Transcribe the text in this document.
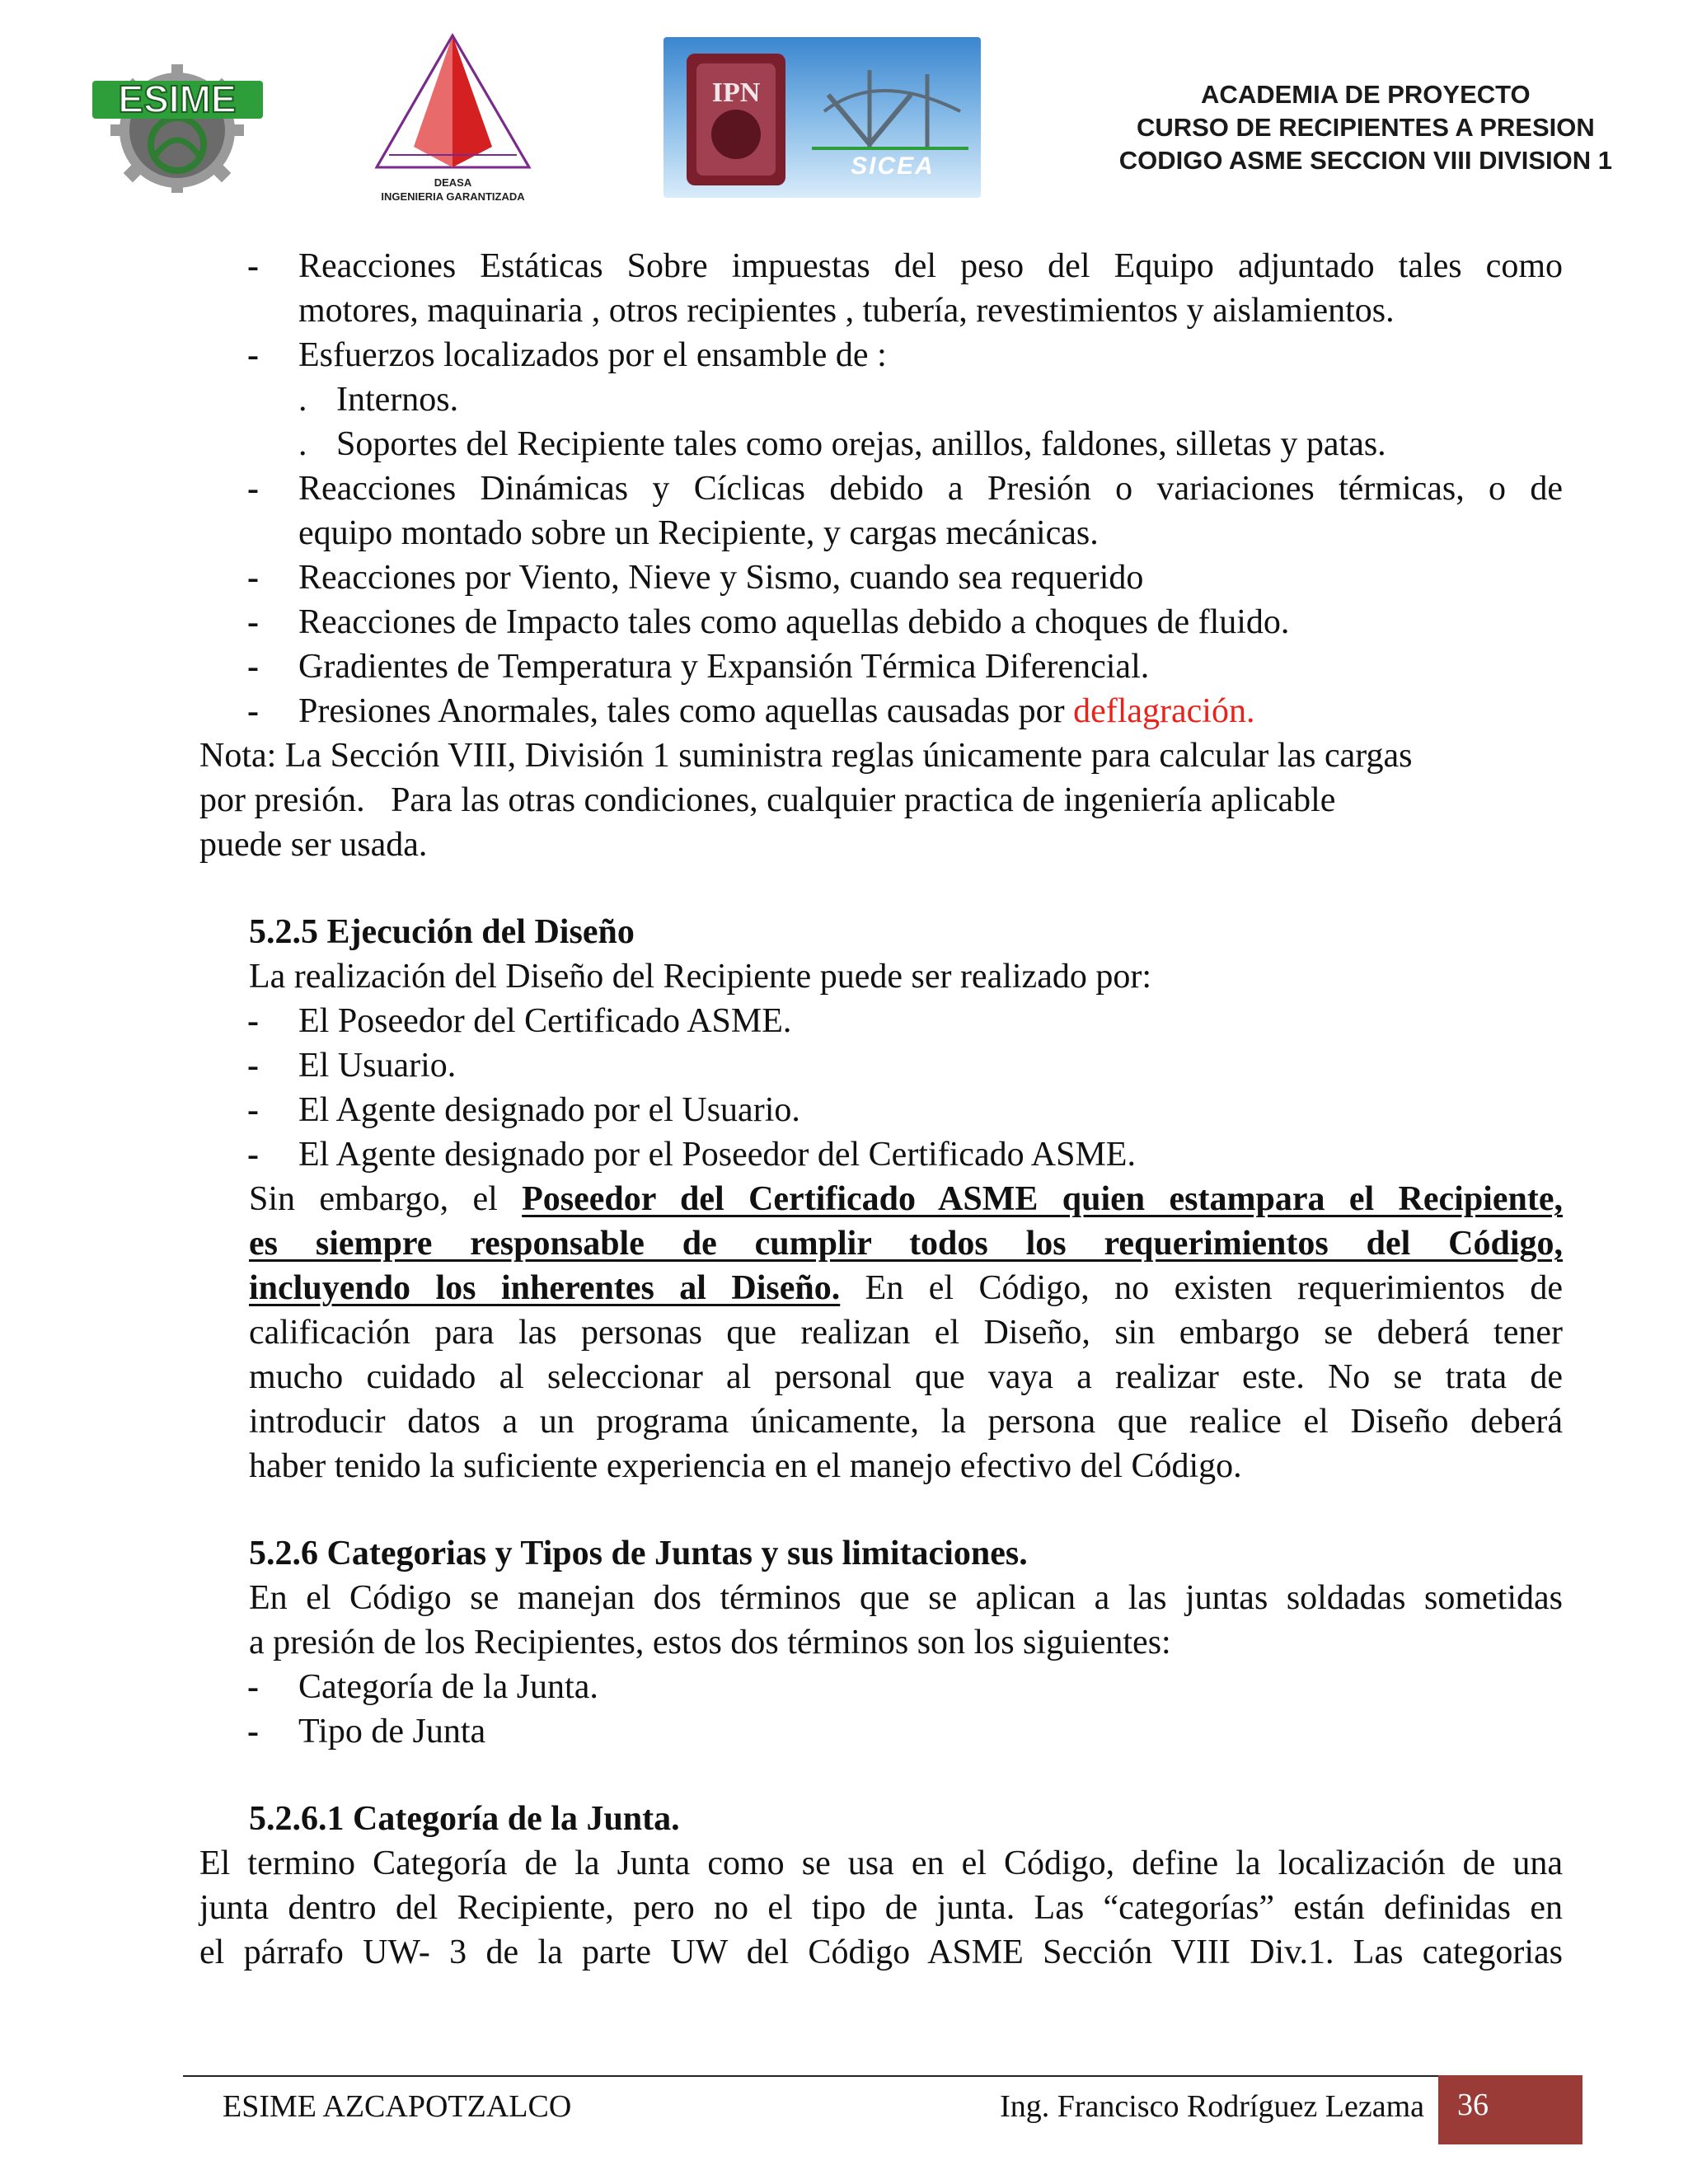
ESIME
DEASA
INGENIERIA GARANTIZADA
IPN
SICEA
ACADEMIA DE PROYECTO
CURSO DE RECIPIENTES A PRESION
CODIGO ASME SECCION VIII DIVISION 1
- Reacciones Estáticas Sobre impuestas del peso del Equipo adjuntado tales como
motores, maquinaria , otros recipientes , tubería, revestimientos y aislamientos.
- Esfuerzos localizados por el ensamble de :
. Internos.
. Soportes del Recipiente tales como orejas, anillos, faldones, silletas y patas.
- Reacciones Dinámicas y Cíclicas debido a Presión o variaciones térmicas, o de
equipo montado sobre un Recipiente, y cargas mecánicas.
- Reacciones por Viento, Nieve y Sismo, cuando sea requerido
- Reacciones de Impacto tales como aquellas debido a choques de fluido.
- Gradientes de Temperatura y Expansión Térmica Diferencial.
- Presiones Anormales, tales como aquellas causadas por deflagración.
Nota: La Sección VIII, División 1 suministra reglas únicamente para calcular las cargas
por presión.   Para las otras condiciones, cualquier practica de ingeniería aplicable
puede ser usada.
5.2.5 Ejecución del Diseño
La realización del Diseño del Recipiente puede ser realizado por:
- El Poseedor del Certificado ASME.
- El Usuario.
- El Agente designado por el Usuario.
- El Agente designado por el Poseedor del Certificado ASME.
Sin embargo, el Poseedor del Certificado ASME quien estampara el Recipiente,
es siempre responsable de cumplir todos los requerimientos del Código,
incluyendo los inherentes al Diseño. En el Código, no existen requerimientos de
calificación para las personas que realizan el Diseño, sin embargo se deberá tener
mucho cuidado al seleccionar al personal que vaya a realizar este. No se trata de
introducir datos a un programa únicamente, la persona que realice el Diseño deberá
haber tenido la suficiente experiencia en el manejo efectivo del Código.
5.2.6 Categorias y Tipos de Juntas y sus limitaciones.
En el Código se manejan dos términos que se aplican a las juntas soldadas sometidas
a presión de los Recipientes, estos dos términos son los siguientes:
- Categoría de la Junta.
- Tipo de Junta
5.2.6.1 Categoría de la Junta.
El termino Categoría de la Junta como se usa en el Código, define la localización de una
junta dentro del Recipiente, pero no el tipo de junta. Las “categorías” están definidas en
el párrafo UW- 3 de la parte UW del Código ASME Sección VIII Div.1. Las categorias
ESIME AZCAPOTZALCO	Ing. Francisco Rodríguez Lezama 36
